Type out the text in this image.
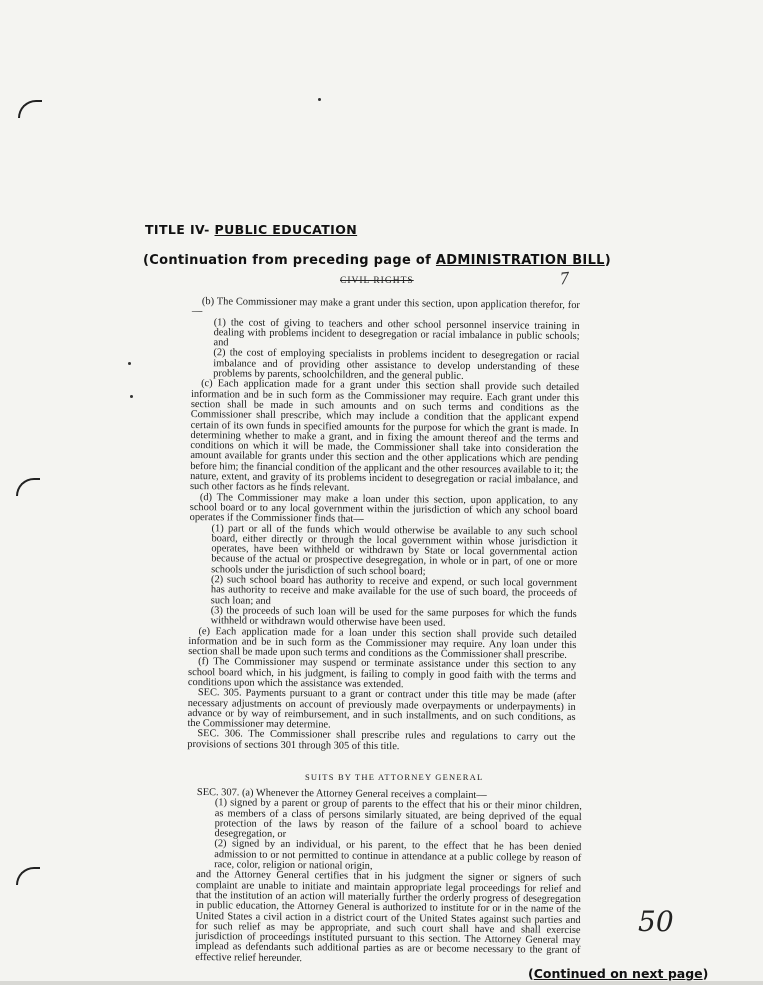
TITLE IV- PUBLIC EDUCATION
(Continuation from preceding page of ADMINISTRATION BILL)
CIVIL RIGHTS	7

(b) The Commissioner may make a grant under this section, upon application therefor, for—

(1) the cost of giving to teachers and other school personnel inservice training in dealing with problems incident to desegregation or racial imbalance in public schools; and

(2) the cost of employing specialists in problems incident to desegregation or racial imbalance and of providing other assistance to develop understanding of these problems by parents, schoolchildren, and the general public.

(c) Each application made for a grant under this section shall provide such detailed information and be in such form as the Commissioner may require. Each grant under this section shall be made in such amounts and on such terms and conditions as the Commissioner shall prescribe, which may include a condition that the applicant expend certain of its own funds in specified amounts for the purpose for which the grant is made. In determining whether to make a grant, and in fixing the amount thereof and the terms and conditions on which it will be made, the Commissioner shall take into consideration the amount available for grants under this section and the other applications which are pending before him; the financial condition of the applicant and the other resources available to it; the nature, extent, and gravity of its problems incident to desegregation or racial imbalance, and such other factors as he finds relevant.

(d) The Commissioner may make a loan under this section, upon application, to any school board or to any local government within the jurisdiction of which any school board operates if the Commissioner finds that—

(1) part or all of the funds which would otherwise be available to any such school board, either directly or through the local government within whose jurisdiction it operates, have been withheld or withdrawn by State or local governmental action because of the actual or prospective desegregation, in whole or in part, of one or more schools under the jurisdiction of such school board;

(2) such school board has authority to receive and expend, or such local government has authority to receive and make available for the use of such board, the proceeds of such loan; and

(3) the proceeds of such loan will be used for the same purposes for which the funds withheld or withdrawn would otherwise have been used.

(e) Each application made for a loan under this section shall provide such detailed information and be in such form as the Commissioner may require. Any loan under this section shall be made upon such terms and conditions as the Commissioner shall prescribe.

(f) The Commissioner may suspend or terminate assistance under this section to any school board which, in his judgment, is failing to comply in good faith with the terms and conditions upon which the assistance was extended.

SEC. 305. Payments pursuant to a grant or contract under this title may be made (after necessary adjustments on account of previously made overpayments or underpayments) in advance or by way of reimbursement, and in such installments, and on such conditions, as the Commissioner may determine.

SEC. 306. The Commissioner shall prescribe rules and regulations to carry out the provisions of sections 301 through 305 of this title.

SUITS BY THE ATTORNEY GENERAL

SEC. 307. (a) Whenever the Attorney General receives a complaint—

(1) signed by a parent or group of parents to the effect that his or their minor children, as members of a class of persons similarly situated, are being deprived of the equal protection of the laws by reason of the failure of a school board to achieve desegregation, or

(2) signed by an individual, or his parent, to the effect that he has been denied admission to or not permitted to continue in attendance at a public college by reason of race, color, religion or national origin,

and the Attorney General certifies that in his judgment the signer or signers of such complaint are unable to initiate and maintain appropriate legal proceedings for relief and that the institution of an action will materially further the orderly progress of desegregation in public education, the Attorney General is authorized to institute for or in the name of the United States a civil action in a district court of the United States against such parties and for such relief as may be appropriate, and such court shall have and shall exercise jurisdiction of proceedings instituted pursuant to this section. The Attorney General may implead as defendants such additional parties as are or become necessary to the grant of effective relief hereunder.

50
(Continued on next page)
